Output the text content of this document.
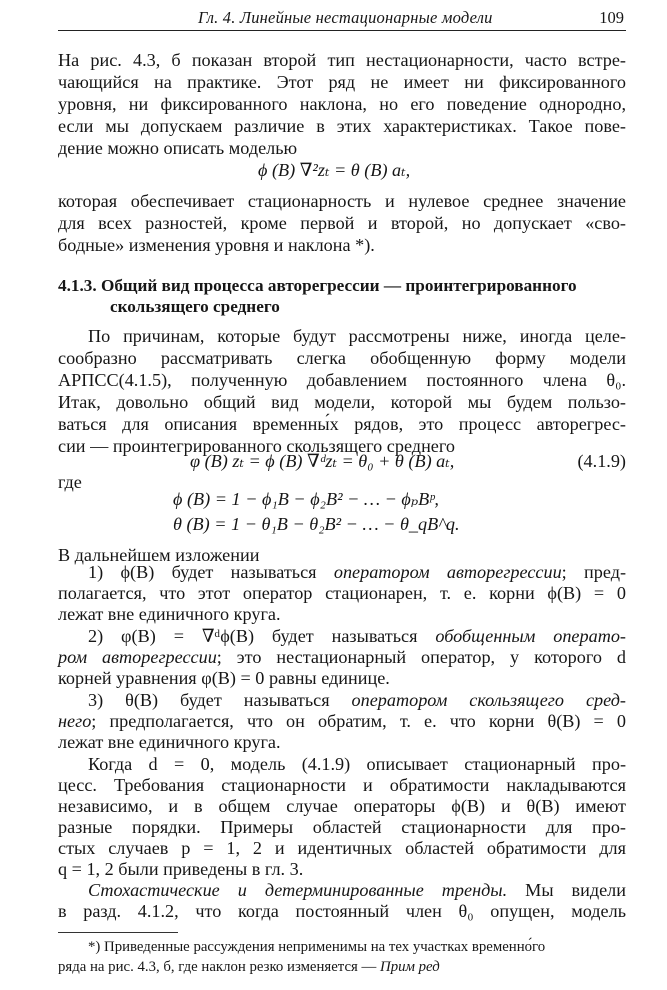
Гл. 4. Линейные нестационарные модели	109
На рис. 4.3, б показан второй тип нестационарности, часто встре-
чающийся на практике. Этот ряд не имеет ни фиксированного
уровня, ни фиксированного наклона, но его поведение однородно,
если мы допускаем различие в этих характеристиках. Такое пове-
дение можно описать моделью
ϕ (B) ∇²zₜ = θ (B) aₜ,
которая обеспечивает стационарность и нулевое среднее значение
для всех разностей, кроме первой и второй, но допускает «сво-
бодные» изменения уровня и наклона *).
4.1.3. Общий вид процесса авторегрессии — проинтегрированного
скользящего среднего
По причинам, которые будут рассмотрены ниже, иногда целе-
сообразно рассматривать слегка обобщенную форму модели
АРПСС(4.1.5), полученную добавлением постоянного члена θ₀.
Итак, довольно общий вид модели, которой мы будем пользо-
ваться для описания временны́х рядов, это процесс авторегрес-
сии — проинтегрированного скользящего среднего
φ (B) zₜ = ϕ (B) ∇ᵈzₜ = θ₀ + θ (B) aₜ,	(4.1.9)
где
ϕ (B) = 1 − ϕ₁B − ϕ₂B² − … − ϕₚBᵖ,
θ (B) = 1 − θ₁B − θ₂B² − … − θ_qB^q.
В дальнейшем изложении
1) ϕ(B) будет называться оператором авторегрессии; пред-
полагается, что этот оператор стационарен, т. е. корни ϕ(B) = 0
лежат вне единичного круга.
2) φ(B) = ∇ᵈϕ(B) будет называться обобщенным операто-
ром авторегрессии; это нестационарный оператор, у которого d
корней уравнения φ(B) = 0 равны единице.
3) θ(B) будет называться оператором скользящего сред-
него; предполагается, что он обратим, т. е. что корни θ(B) = 0
лежат вне единичного круга.
Когда d = 0, модель (4.1.9) описывает стационарный про-
цесс. Требования стационарности и обратимости накладываются
независимо, и в общем случае операторы ϕ(B) и θ(B) имеют
разные порядки. Примеры областей стационарности для про-
стых случаев p = 1, 2 и идентичных областей обратимости для
q = 1, 2 были приведены в гл. 3.
*) Приведенные рассуждения неприменимы на тех участках временно́го
ряда на рис. 4.3, б, где наклон резко изменяется — Прим ред
Стохастические и детерминированные тренды. Мы видели
в разд. 4.1.2, что когда постоянный член θ₀ опущен, модель
